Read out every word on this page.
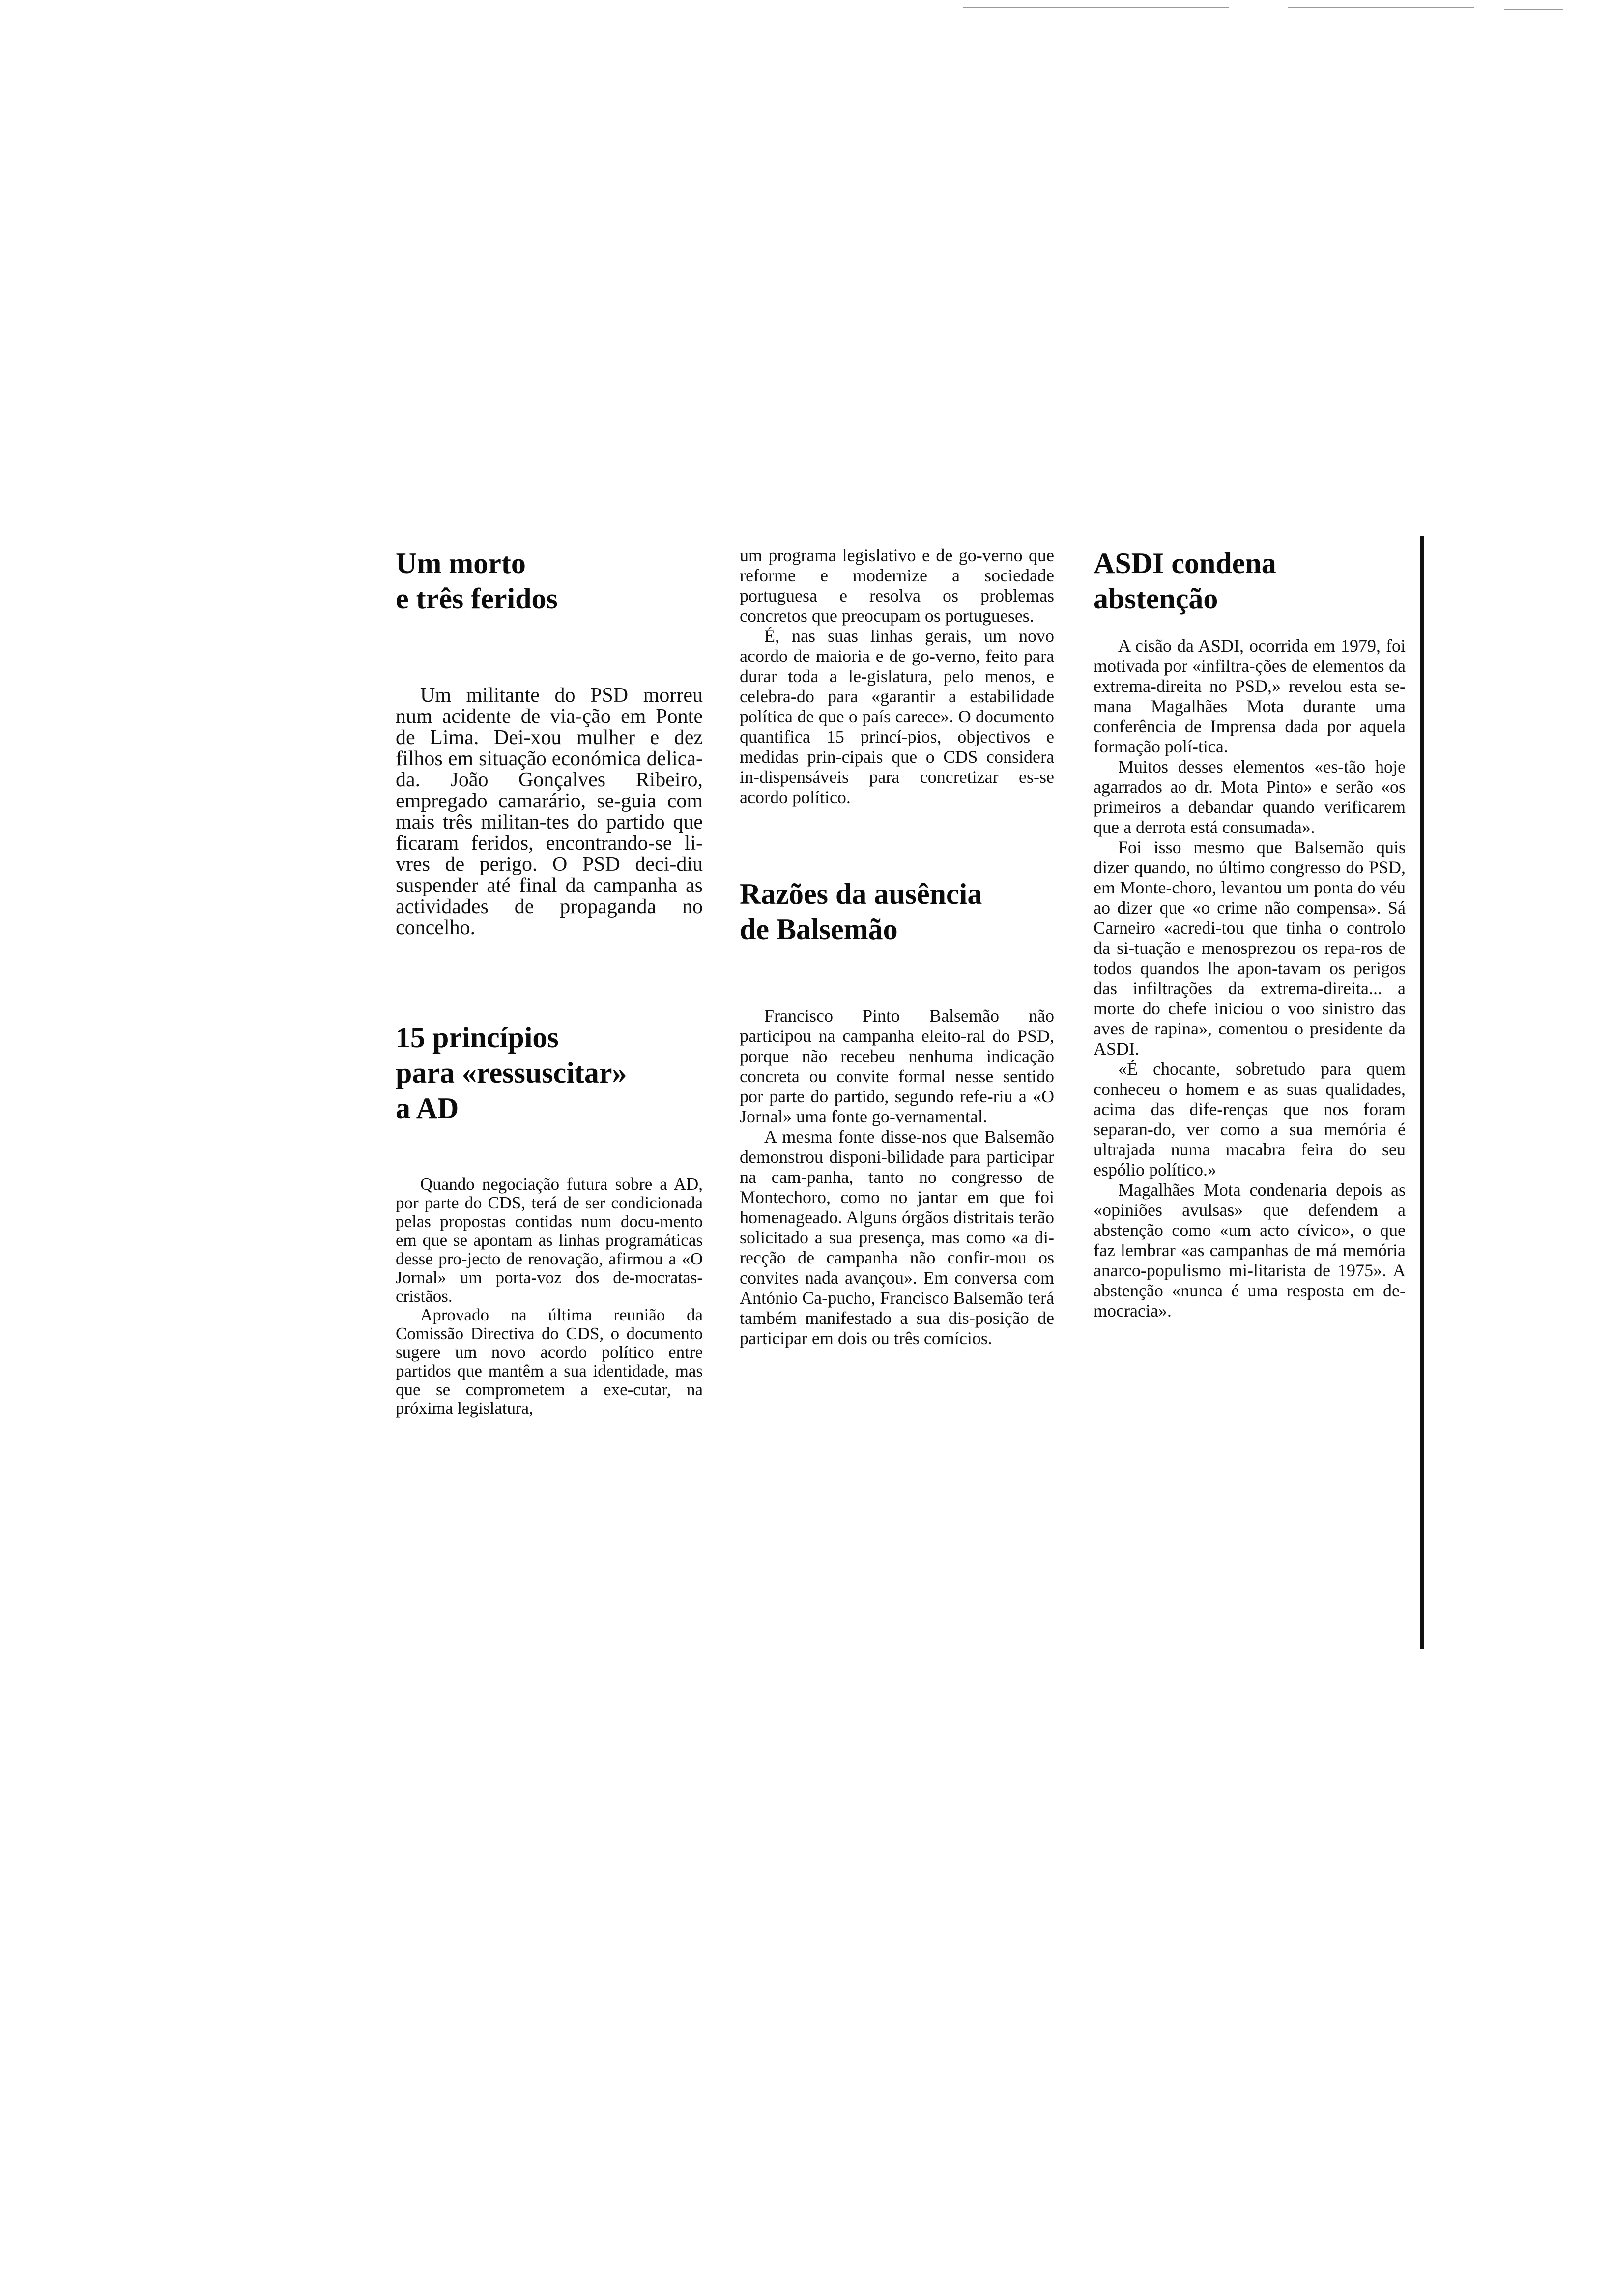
Um morto
e três feridos

Um militante do PSD morreu num acidente de via-ção em Ponte de Lima. Dei-xou mulher e dez filhos em situação económica delica-da. João Gonçalves Ribeiro, empregado camarário, se-guia com mais três militan-tes do partido que ficaram feridos, encontrando-se li-vres de perigo. O PSD deci-diu suspender até final da campanha as actividades de propaganda no concelho.

15 princípios
para «ressuscitar»
a AD

Quando negociação futura sobre a AD, por parte do CDS, terá de ser condicionada pelas propostas contidas num docu-mento em que se apontam as linhas programáticas desse pro-jecto de renovação, afirmou a «O Jornal» um porta-voz dos de-mocratas-cristãos.

Aprovado na última reunião da Comissão Directiva do CDS, o documento sugere um novo acordo político entre partidos que mantêm a sua identidade, mas que se comprometem a exe-cutar, na próxima legislatura,

um programa legislativo e de go-verno que reforme e modernize a sociedade portuguesa e resolva os problemas concretos que preocupam os portugueses.

É, nas suas linhas gerais, um novo acordo de maioria e de go-verno, feito para durar toda a le-gislatura, pelo menos, e celebra-do para «garantir a estabilidade política de que o país carece». O documento quantifica 15 princí-pios, objectivos e medidas prin-cipais que o CDS considera in-dispensáveis para concretizar es-se acordo político.

Razões da ausência
de Balsemão

Francisco Pinto Balsemão não participou na campanha eleito-ral do PSD, porque não recebeu nenhuma indicação concreta ou convite formal nesse sentido por parte do partido, segundo refe-riu a «O Jornal» uma fonte go-vernamental.

A mesma fonte disse-nos que Balsemão demonstrou disponi-bilidade para participar na cam-panha, tanto no congresso de Montechoro, como no jantar em que foi homenageado. Alguns órgãos distritais terão solicitado a sua presença, mas como «a di-recção de campanha não confir-mou os convites nada avançou». Em conversa com António Ca-pucho, Francisco Balsemão terá também manifestado a sua dis-posição de participar em dois ou três comícios.

ASDI condena
abstenção

A cisão da ASDI, ocorrida em 1979, foi motivada por «infiltra-ções de elementos da extrema-direita no PSD,» revelou esta se-mana Magalhães Mota durante uma conferência de Imprensa dada por aquela formação polí-tica.

Muitos desses elementos «es-tão hoje agarrados ao dr. Mota Pinto» e serão «os primeiros a debandar quando verificarem que a derrota está consumada».

Foi isso mesmo que Balsemão quis dizer quando, no último congresso do PSD, em Monte-choro, levantou um ponta do véu ao dizer que «o crime não compensa». Sá Carneiro «acredi-tou que tinha o controlo da si-tuação e menosprezou os repa-ros de todos quandos lhe apon-tavam os perigos das infiltrações da extrema-direita... a morte do chefe iniciou o voo sinistro das aves de rapina», comentou o presidente da ASDI.

«É chocante, sobretudo para quem conheceu o homem e as suas qualidades, acima das dife-renças que nos foram separan-do, ver como a sua memória é ultrajada numa macabra feira do seu espólio político.»

Magalhães Mota condenaria depois as «opiniões avulsas» que defendem a abstenção como «um acto cívico», o que faz lembrar «as campanhas de má memória anarco-populismo mi-litarista de 1975». A abstenção «nunca é uma resposta em de-mocracia».
